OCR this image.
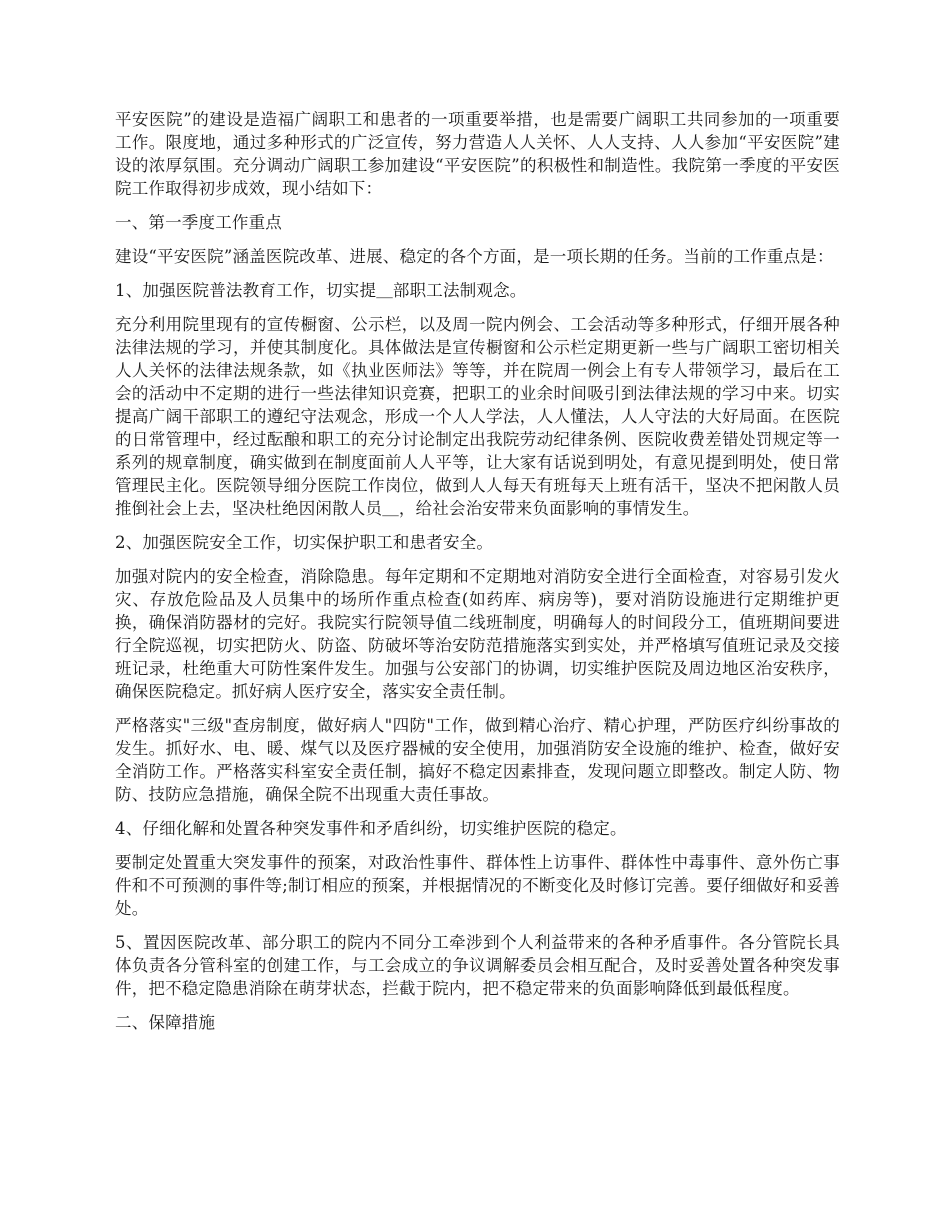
平安医院”的建设是造福广阔职工和患者的一项重要举措，也是需要广阔职工共同参加的一项重要工作。限度地，通过多种形式的广泛宣传，努力营造人人关怀、人人支持、人人参加“平安医院”建设的浓厚氛围。充分调动广阔职工参加建设“平安医院”的积极性和制造性。我院第一季度的平安医院工作取得初步成效，现小结如下：

一、第一季度工作重点

建设“平安医院”涵盖医院改革、进展、稳定的各个方面，是一项长期的任务。当前的工作重点是：

1、加强医院普法教育工作，切实提＿部职工法制观念。

充分利用院里现有的宣传橱窗、公示栏，以及周一院内例会、工会活动等多种形式，仔细开展各种法律法规的学习，并使其制度化。具体做法是宣传橱窗和公示栏定期更新一些与广阔职工密切相关人人关怀的法律法规条款，如《执业医师法》等等，并在院周一例会上有专人带领学习，最后在工会的活动中不定期的进行一些法律知识竞赛，把职工的业余时间吸引到法律法规的学习中来。切实提高广阔干部职工的遵纪守法观念，形成一个人人学法，人人懂法，人人守法的大好局面。在医院的日常管理中，经过酝酿和职工的充分讨论制定出我院劳动纪律条例、医院收费差错处罚规定等一系列的规章制度，确实做到在制度面前人人平等，让大家有话说到明处，有意见提到明处，使日常管理民主化。医院领导细分医院工作岗位，做到人人每天有班每天上班有活干，坚决不把闲散人员推倒社会上去，坚决杜绝因闲散人员＿，给社会治安带来负面影响的事情发生。

2、加强医院安全工作，切实保护职工和患者安全。

加强对院内的安全检查，消除隐患。每年定期和不定期地对消防安全进行全面检查，对容易引发火灾、存放危险品及人员集中的场所作重点检查(如药库、病房等)，要对消防设施进行定期维护更换，确保消防器材的完好。我院实行院领导值二线班制度，明确每人的时间段分工，值班期间要进行全院巡视，切实把防火、防盗、防破坏等治安防范措施落实到实处，并严格填写值班记录及交接班记录，杜绝重大可防性案件发生。加强与公安部门的协调，切实维护医院及周边地区治安秩序，确保医院稳定。抓好病人医疗安全，落实安全责任制。

严格落实"三级"查房制度，做好病人"四防"工作，做到精心治疗、精心护理，严防医疗纠纷事故的发生。抓好水、电、暖、煤气以及医疗器械的安全使用，加强消防安全设施的维护、检查，做好安全消防工作。严格落实科室安全责任制，搞好不稳定因素排查，发现问题立即整改。制定人防、物防、技防应急措施，确保全院不出现重大责任事故。

4、仔细化解和处置各种突发事件和矛盾纠纷，切实维护医院的稳定。

要制定处置重大突发事件的预案，对政治性事件、群体性上访事件、群体性中毒事件、意外伤亡事件和不可预测的事件等;制订相应的预案，并根据情况的不断变化及时修订完善。要仔细做好和妥善处。

5、置因医院改革、部分职工的院内不同分工牵涉到个人利益带来的各种矛盾事件。各分管院长具体负责各分管科室的创建工作，与工会成立的争议调解委员会相互配合，及时妥善处置各种突发事件，把不稳定隐患消除在萌芽状态，拦截于院内，把不稳定带来的负面影响降低到最低程度。

二、保障措施
